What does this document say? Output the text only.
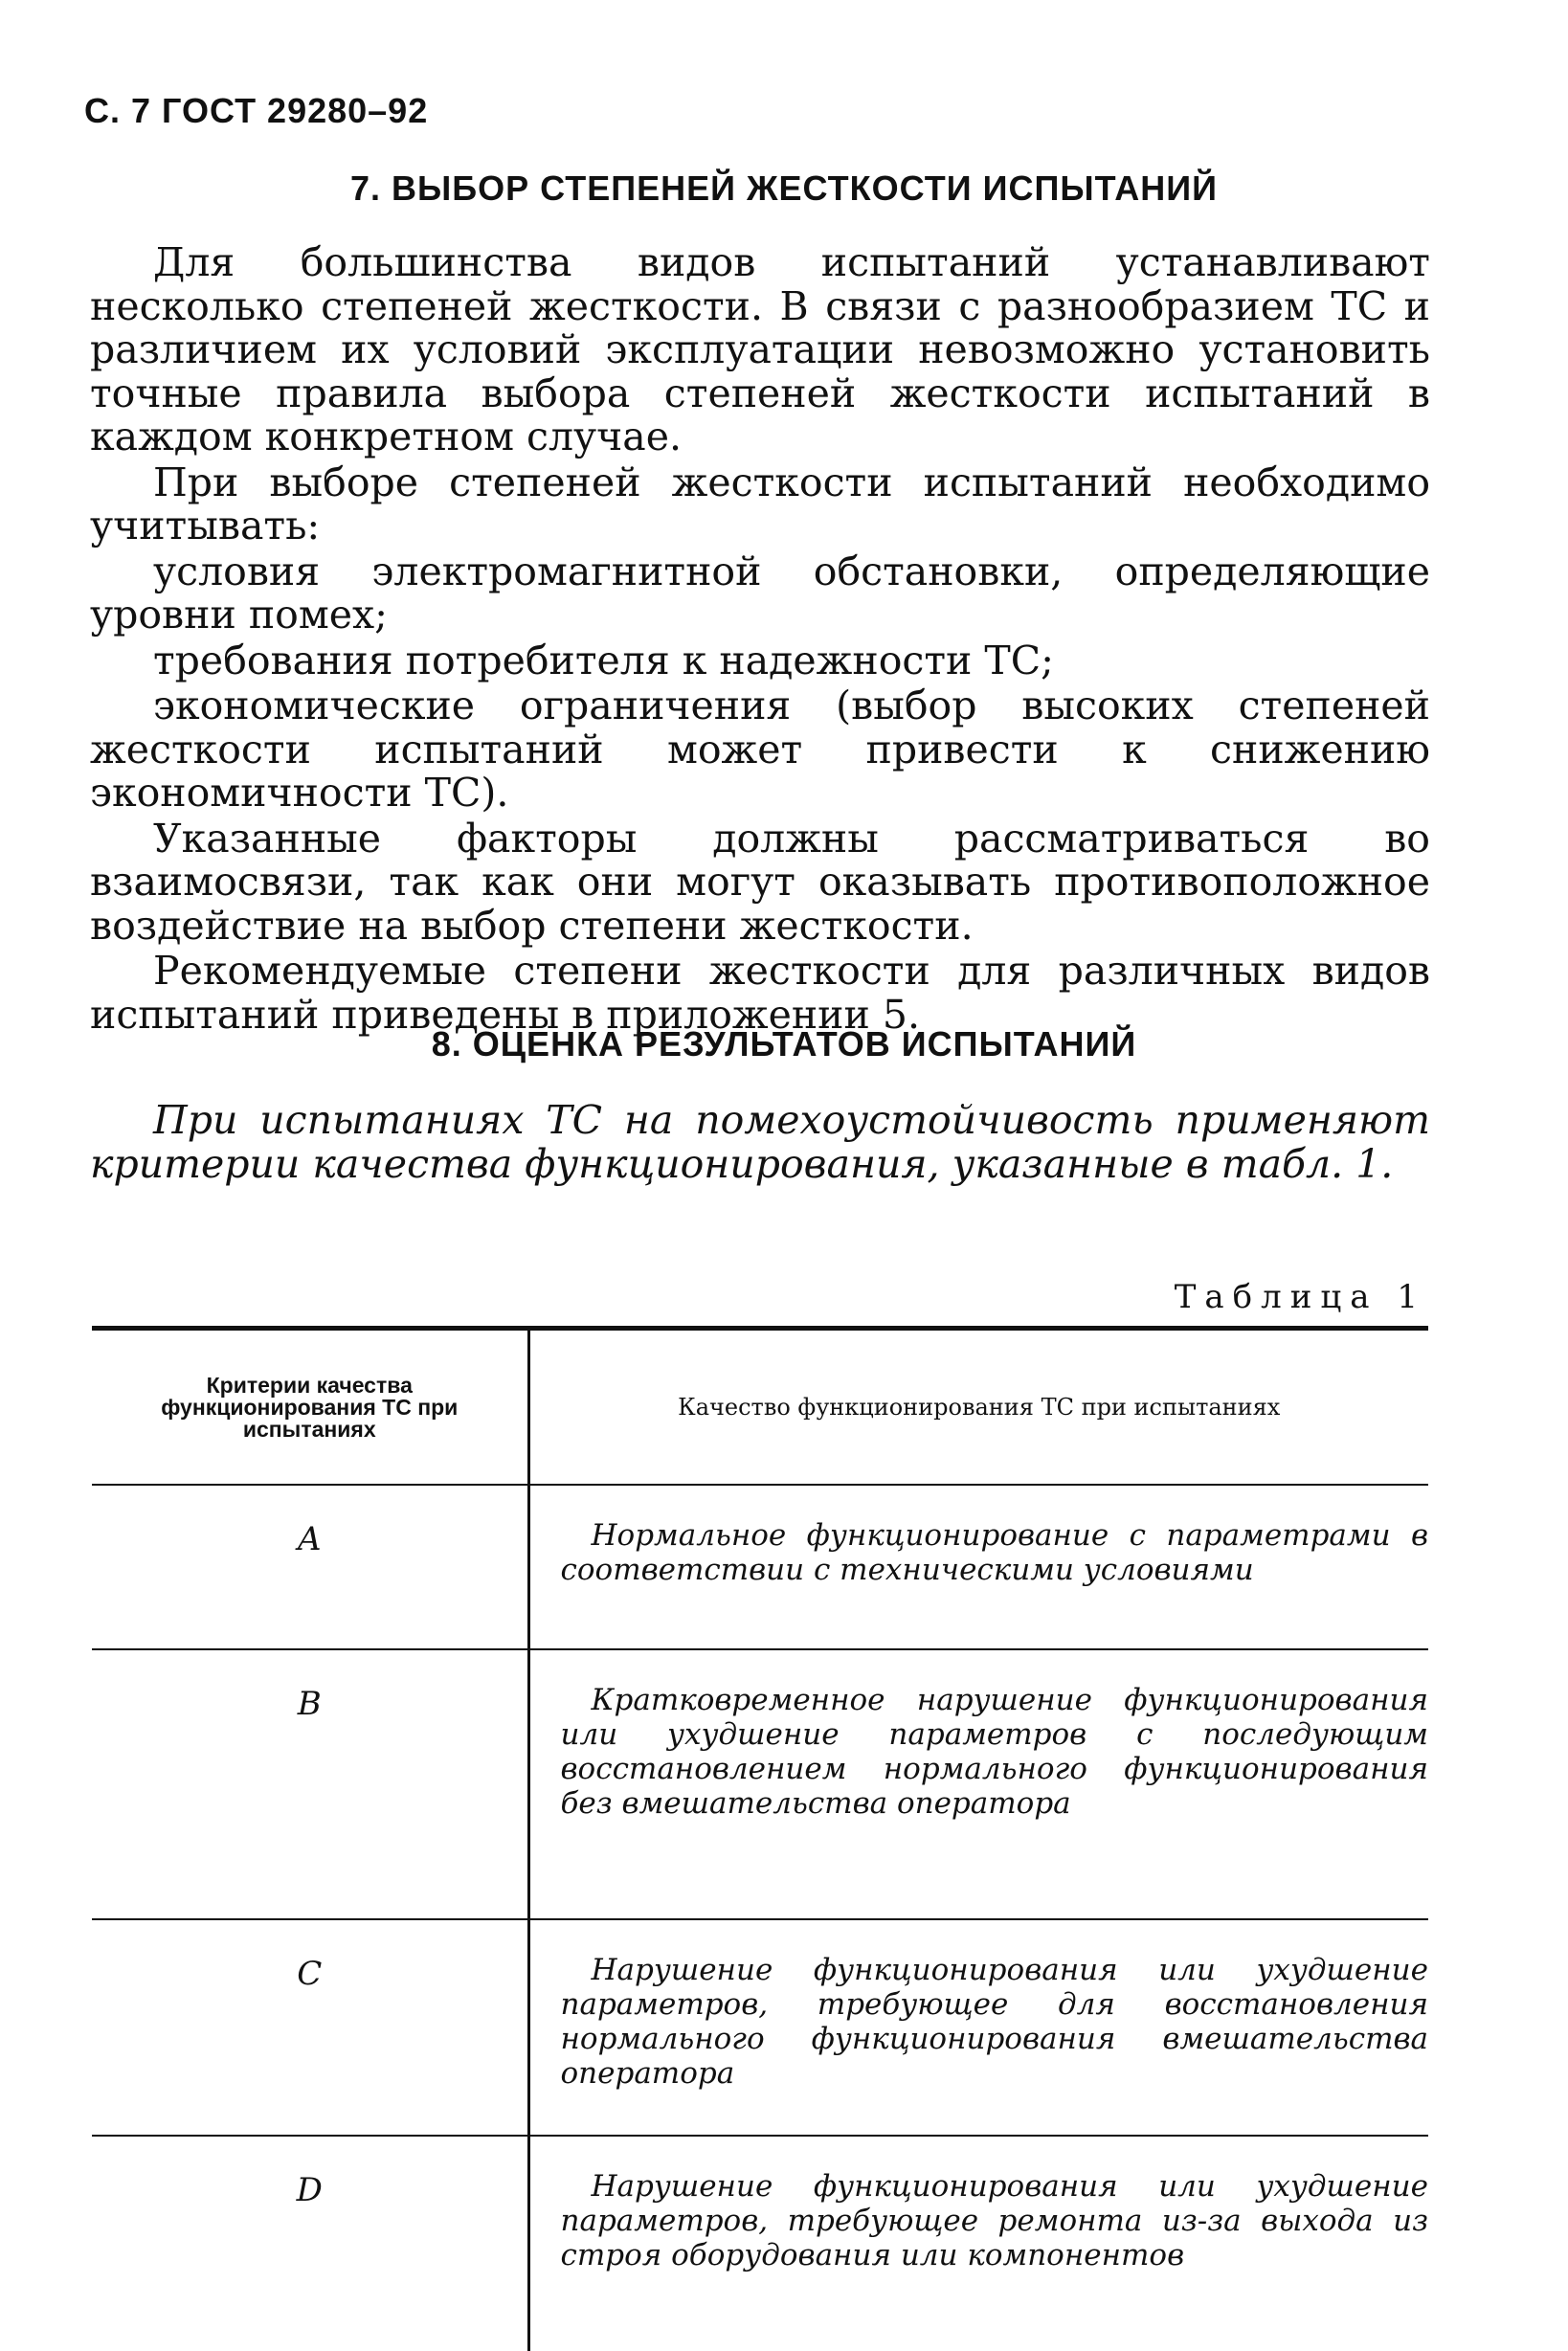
С. 7 ГОСТ 29280–92
7. ВЫБОР СТЕПЕНЕЙ ЖЕСТКОСТИ ИСПЫТАНИЙ

Для большинства видов испытаний устанавливают несколько степеней жесткости. В связи с разнообразием ТС и различием их условий эксплуатации невозможно установить точные правила выбора степеней жесткости испытаний в каждом конкретном случае.

При выборе степеней жесткости испытаний необходимо учитывать:

условия электромагнитной обстановки, определяющие уровни помех;

требования потребителя к надежности ТС;

экономические ограничения (выбор высоких степеней жесткости испытаний может привести к снижению экономичности ТС).

Указанные факторы должны рассматриваться во взаимосвязи, так как они могут оказывать противоположное воздействие на выбор степени жесткости.

Рекомендуемые степени жесткости для различных видов испытаний приведены в приложении 5.

8. ОЦЕНКА РЕЗУЛЬТАТОВ ИСПЫТАНИЙ

При испытаниях ТС на помехоустойчивость применяют критерии качества функционирования, указанные в табл. 1.

Таблица 1
Критерии качества функционирования ТС при испытаниях	Качество функционирования ТС при испытаниях
A	Нормальное функционирование с параметрами в соответствии с техническими условиями

B	Кратковременное нарушение функционирования или ухудшение параметров с последующим восстановлением нормального функционирования без вмешательства оператора

C	Нарушение функционирования или ухудшение параметров, требующее для восстановления нормального функционирования вмешательства оператора

D	Нарушение функционирования или ухудшение параметров, требующее ремонта из-за выхода из строя оборудования или компонентов
